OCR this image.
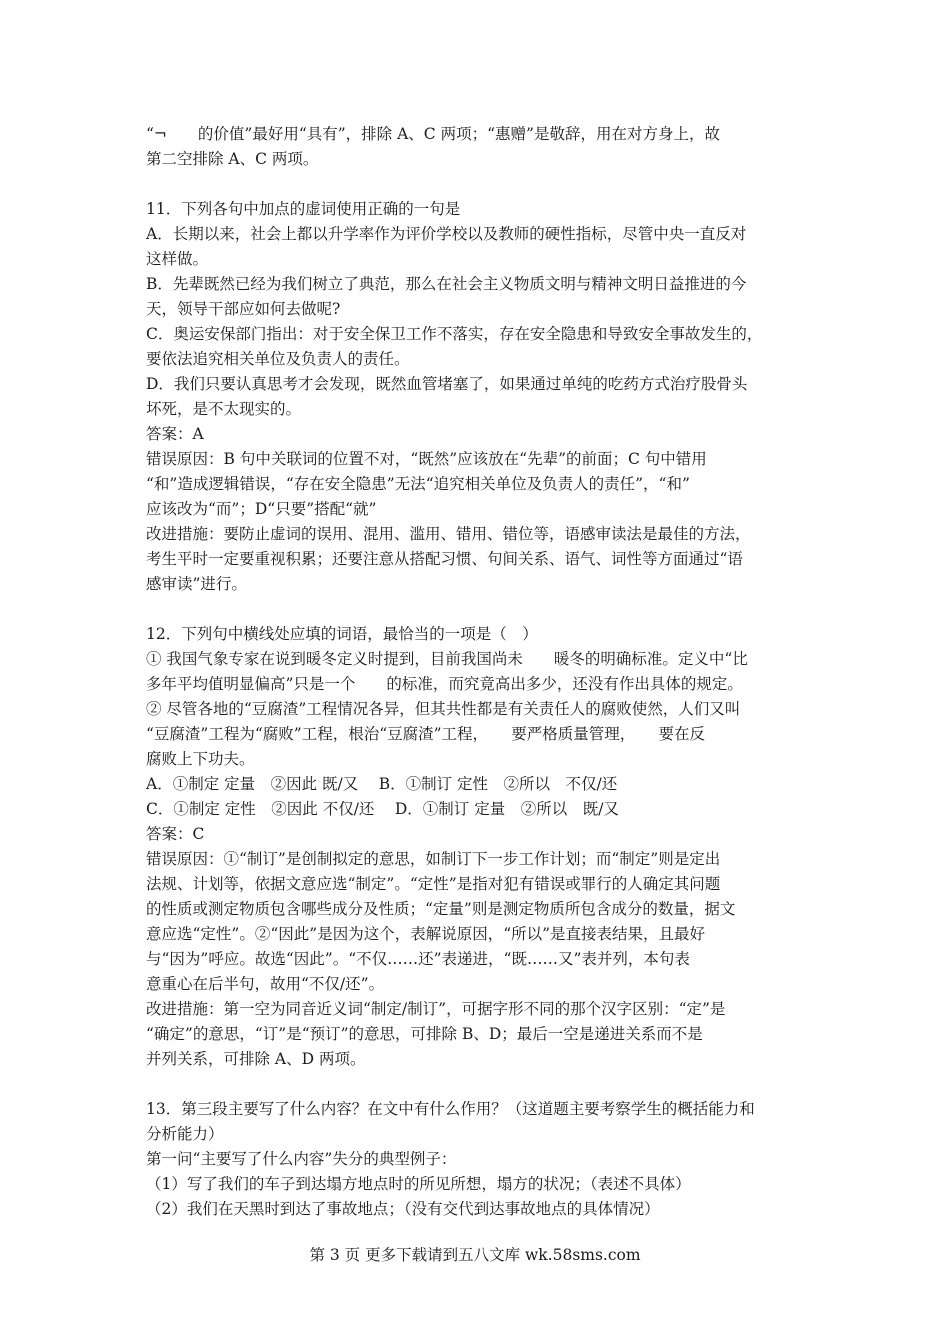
“¬　　的价值”最好用“具有”，排除 A、C 两项；“惠赠”是敬辞，用在对方身上，故
第二空排除 A、C 两项。
11．下列各句中加点的虚词使用正确的一句是
A．长期以来，社会上都以升学率作为评价学校以及教师的硬性指标，尽管中央一直反对
这样做。
B．先辈既然已经为我们树立了典范，那么在社会主义物质文明与精神文明日益推进的今
天，领导干部应如何去做呢?
C．奥运安保部门指出：对于安全保卫工作不落实，存在安全隐患和导致安全事故发生的，
要依法追究相关单位及负责人的责任。
D．我们只要认真思考才会发现，既然血管堵塞了，如果通过单纯的吃药方式治疗股骨头
坏死，是不太现实的。
答案：A
错误原因：B 句中关联词的位置不对，“既然”应该放在“先辈”的前面；C 句中错用
“和”造成逻辑错误，“存在安全隐患”无法“追究相关单位及负责人的责任”，“和”
应该改为“而”；D“只要”搭配“就”
改进措施：要防止虚词的误用、混用、滥用、错用、错位等，语感审读法是最佳的方法，
考生平时一定要重视积累；还要注意从搭配习惯、句间关系、语气、词性等方面通过“语
感审读”进行。
12．下列句中横线处应填的词语，最恰当的一项是（　）
① 我国气象专家在说到暖冬定义时提到，目前我国尚未　　暖冬的明确标准。定义中“比
多年平均值明显偏高”只是一个　　的标准，而究竟高出多少，还没有作出具体的规定。
② 尽管各地的“豆腐渣”工程情况各异，但其共性都是有关责任人的腐败使然，人们又叫
“豆腐渣”工程为“腐败”工程，根治“豆腐渣”工程，　　要严格质量管理，　　要在反
腐败上下功夫。
A．①制定 定量　②因此 既/又　 B．①制订 定性　②所以　不仅/还
C．①制定 定性　②因此 不仅/还　 D．①制订 定量　②所以　既/又
答案：C
错误原因：①“制订”是创制拟定的意思，如制订下一步工作计划；而“制定”则是定出
法规、计划等，依据文意应选“制定”。“定性”是指对犯有错误或罪行的人确定其问题
的性质或测定物质包含哪些成分及性质；“定量”则是测定物质所包含成分的数量，据文
意应选“定性”。②“因此”是因为这个，表解说原因，“所以”是直接表结果，且最好
与“因为”呼应。故选“因此”。“不仅……还”表递进，“既……又”表并列，本句表
意重心在后半句，故用“不仅/还”。
改进措施：第一空为同音近义词“制定/制订”，可据字形不同的那个汉字区别：“定”是
“确定”的意思，“订”是“预订”的意思，可排除 B、D；最后一空是递进关系而不是
并列关系，可排除 A、D 两项。
13．第三段主要写了什么内容？在文中有什么作用？（这道题主要考察学生的概括能力和
分析能力）
第一问“主要写了什么内容”失分的典型例子：
（1）写了我们的车子到达塌方地点时的所见所想，塌方的状况；（表述不具体）
（2）我们在天黑时到达了事故地点；（没有交代到达事故地点的具体情况）
第 3 页 更多下载请到五八文库 wk.58sms.com
